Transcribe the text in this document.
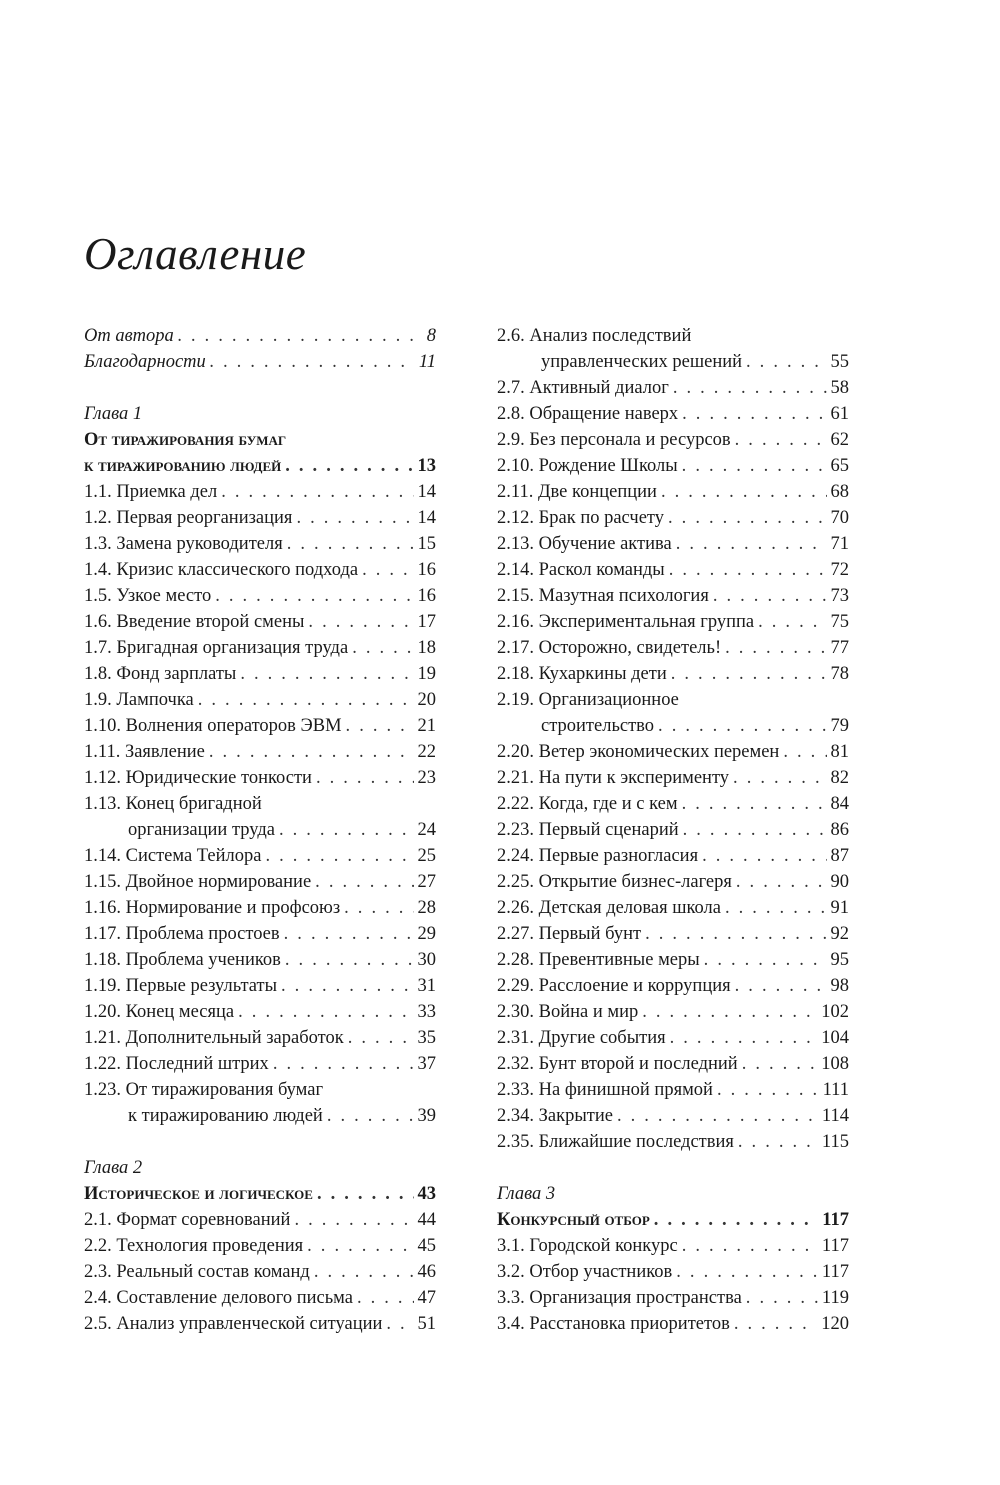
Оглавление
От автора . . .	8
Благодарности . . .	11
Глава 1
От тиражирования бумаг
к тиражированию людей . . .	13
1.1. Приемка дел . . .	14
1.2. Первая реорганизация . . .	14
1.3. Замена руководителя . . .	15
1.4. Кризис классического подхода . . .	16
1.5. Узкое место . . .	16
1.6. Введение второй смены . . .	17
1.7. Бригадная организация труда . . .	18
1.8. Фонд зарплаты . . .	19
1.9. Лампочка . . .	20
1.10. Волнения операторов ЭВМ . . .	21
1.11. Заявление . . .	22
1.12. Юридические тонкости . . .	23
1.13. Конец бригадной
организации труда . . .	24
1.14. Система Тейлора . . .	25
1.15. Двойное нормирование . . .	27
1.16. Нормирование и профсоюз . . .	28
1.17. Проблема простоев . . .	29
1.18. Проблема учеников . . .	30
1.19. Первые результаты . . .	31
1.20. Конец месяца . . .	33
1.21. Дополнительный заработок . . .	35
1.22. Последний штрих . . .	37
1.23. От тиражирования бумаг
к тиражированию людей . . .	39
Глава 2
Историческое и логическое . . .	43
2.1. Формат соревнований . . .	44
2.2. Технология проведения . . .	45
2.3. Реальный состав команд . . .	46
2.4. Составление делового письма . . .	47
2.5. Анализ управленческой ситуации . . . 51
2.6. Анализ последствий
управленческих решений . . .	55
2.7. Активный диалог . . .	58
2.8. Обращение наверх . . .	61
2.9. Без персонала и ресурсов . . .	62
2.10. Рождение Школы . . .	65
2.11. Две концепции . . .	68
2.12. Брак по расчету . . .	70
2.13. Обучение актива . . .	71
2.14. Раскол команды . . .	72
2.15. Мазутная психология . . .	73
2.16. Экспериментальная группа . . .	75
2.17. Осторожно, свидетель! . . .	77
2.18. Кухаркины дети . . .	78
2.19. Организационное
строительство . . .	79
2.20. Ветер экономических перемен . . .	81
2.21. На пути к эксперименту . . .	82
2.22. Когда, где и с кем . . .	84
2.23. Первый сценарий . . .	86
2.24. Первые разногласия . . .	87
2.25. Открытие бизнес-лагеря . . .	90
2.26. Детская деловая школа . . .	91
2.27. Первый бунт . . .	92
2.28. Превентивные меры . . .	95
2.29. Расслоение и коррупция . . .	98
2.30. Война и мир . . .	102
2.31. Другие события . . .	104
2.32. Бунт второй и последний . . .	108
2.33. На финишной прямой . . .	111
2.34. Закрытие . . .	114
2.35. Ближайшие последствия . . .	115
Глава 3
Конкурсный отбор . . .	117
3.1. Городской конкурс . . .	117
3.2. Отбор участников . . .	117
3.3. Организация пространства . . .	119
3.4. Расстановка приоритетов . . .	120
